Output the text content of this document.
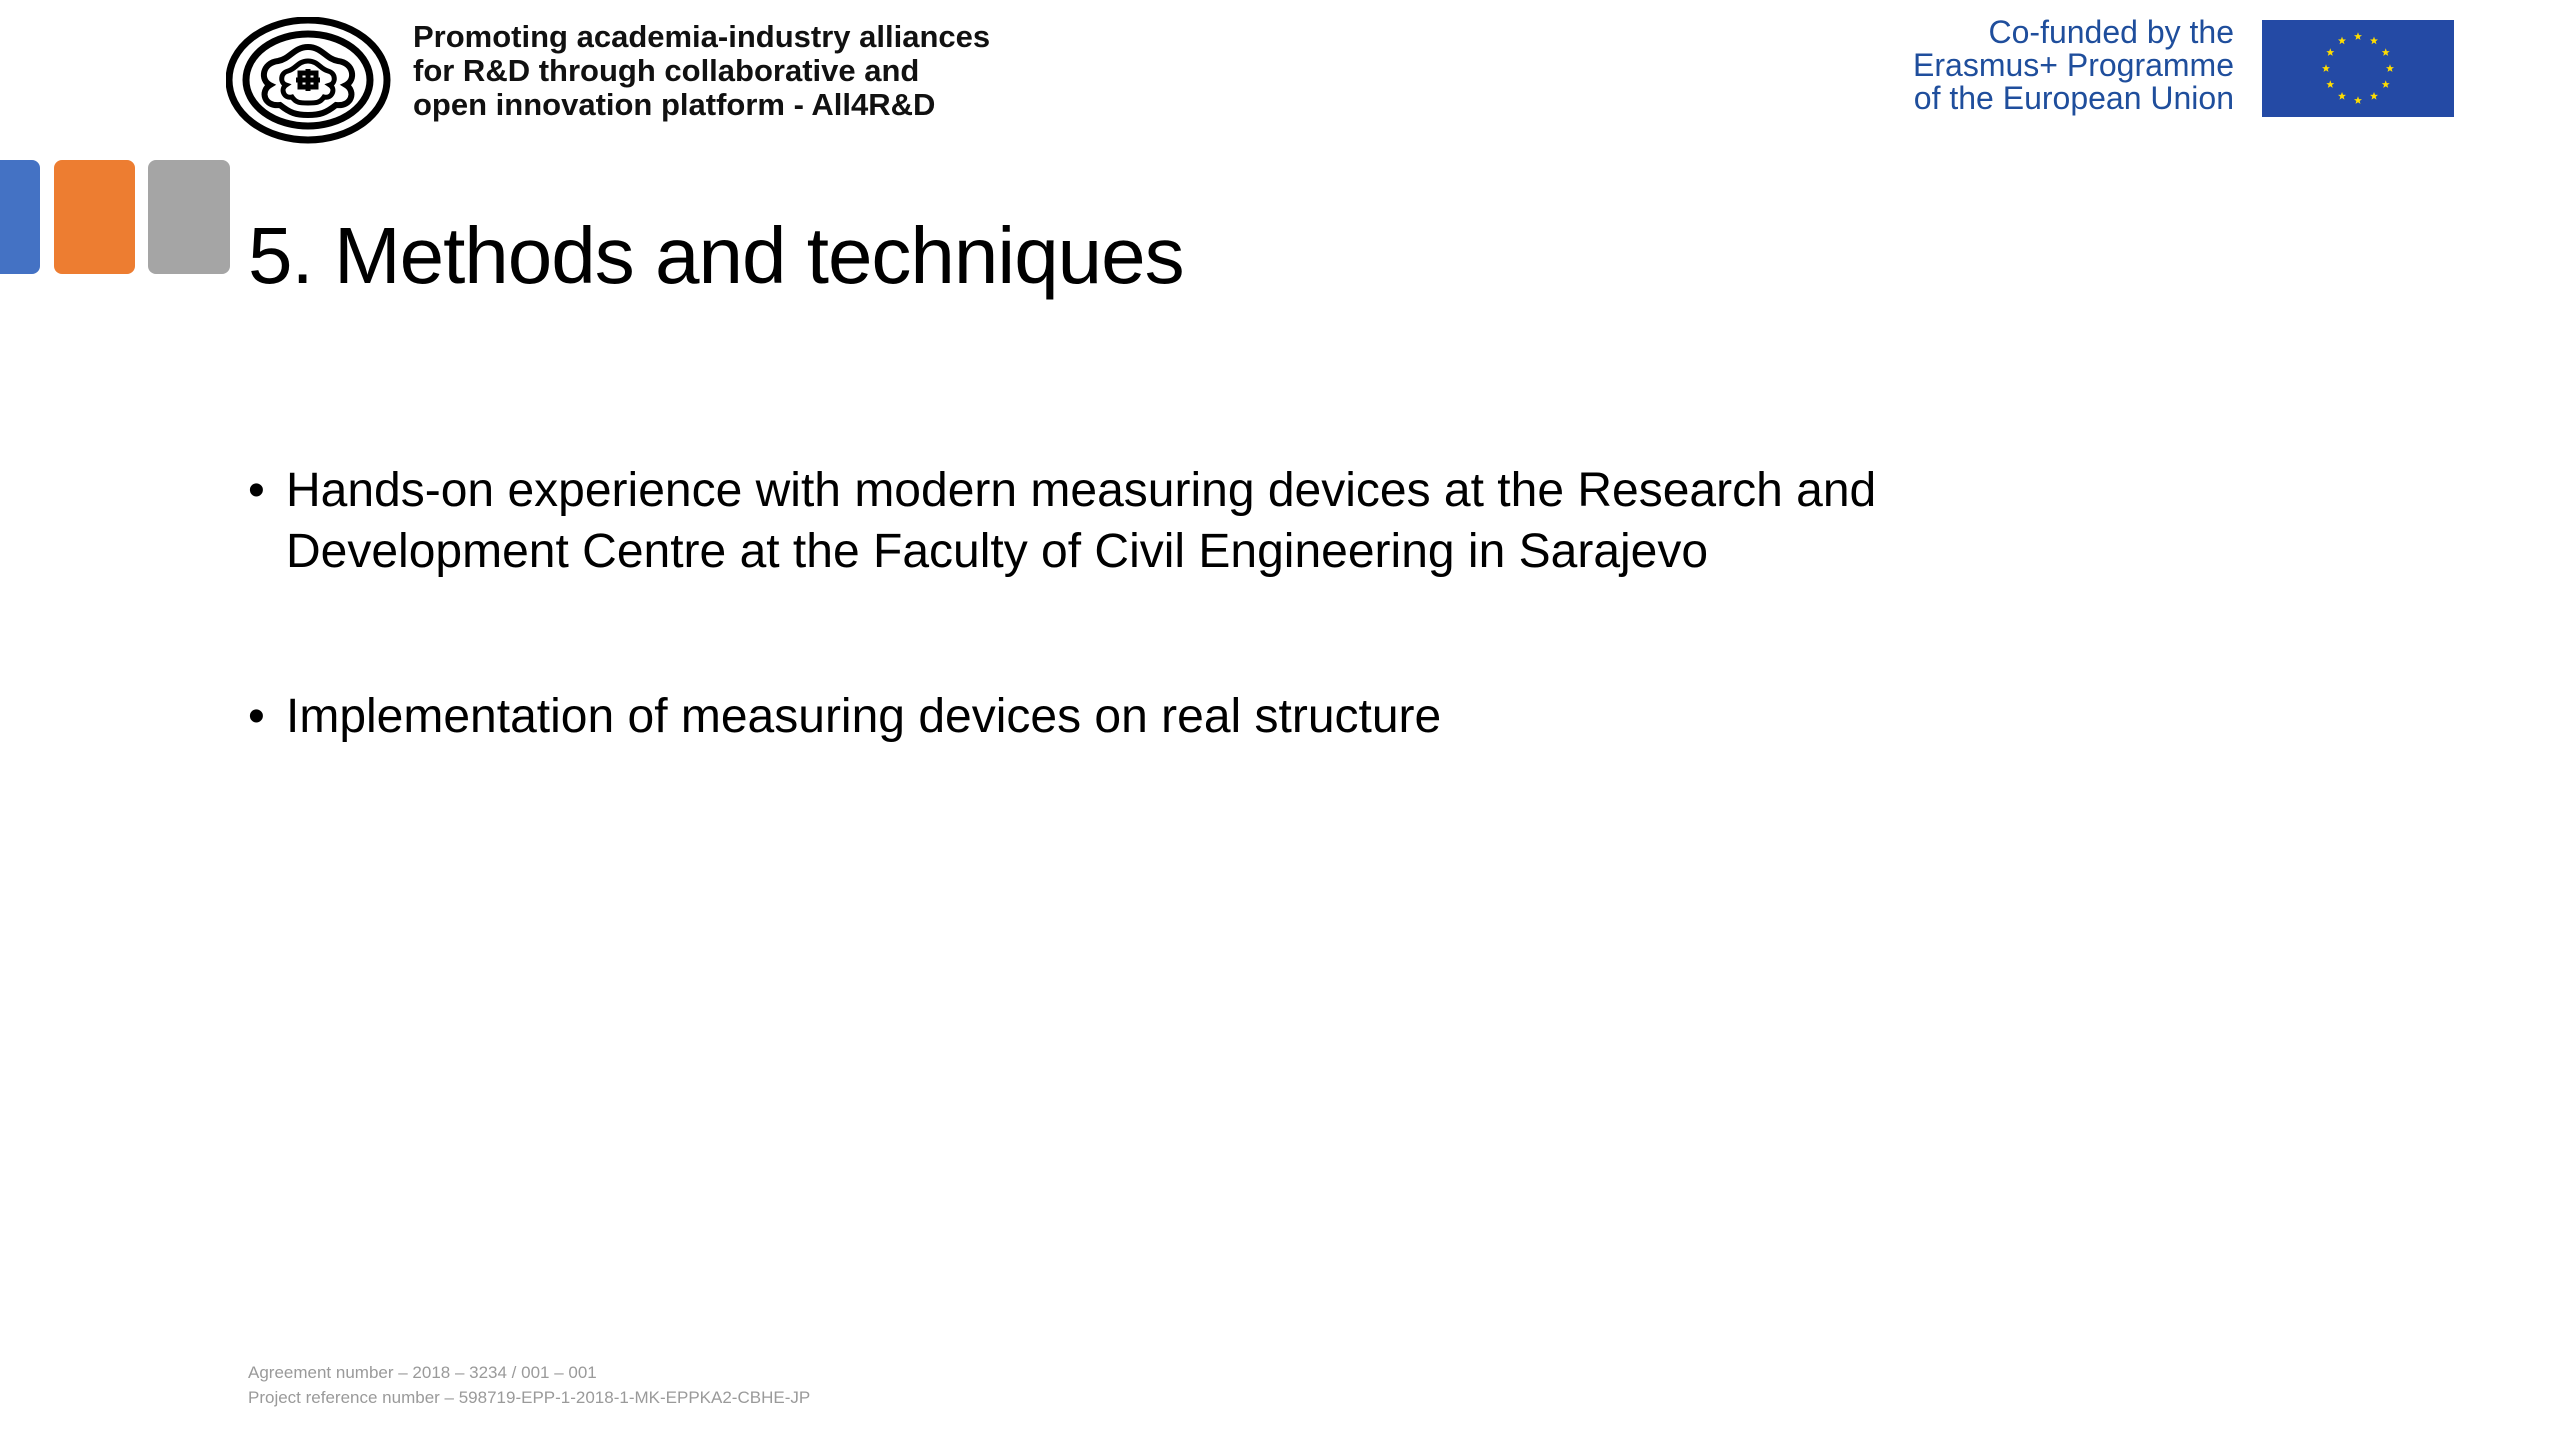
Promoting academia-industry alliances
for R&D through collaborative and
open innovation platform - All4R&D
Co-funded by the
Erasmus+ Programme
of the European Union
5. Methods and techniques
• Hands-on experience with modern measuring devices at the Research and
Development Centre at the Faculty of Civil Engineering in Sarajevo
• Implementation of measuring devices on real structure
Agreement number – 2018 – 3234 / 001 – 001
Project reference number – 598719-EPP-1-2018-1-MK-EPPKA2-CBHE-JP
